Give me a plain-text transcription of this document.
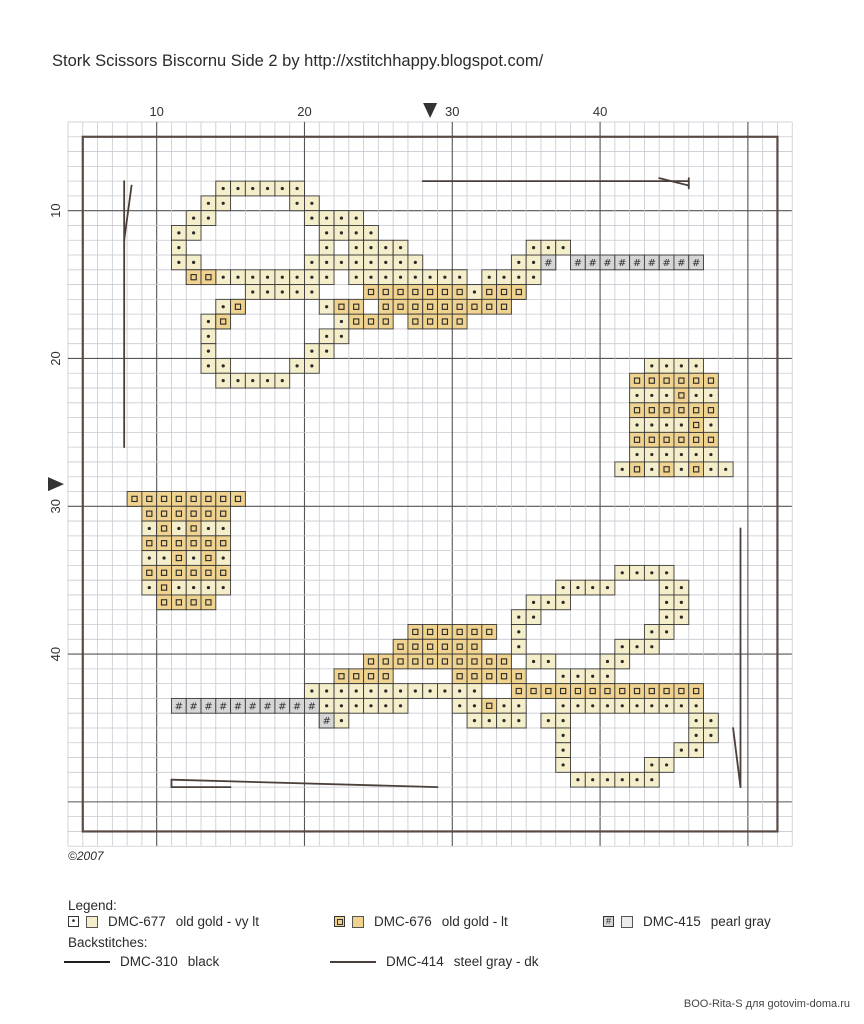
Stork Scissors Biscornu Side 2 by http://xstitchhappy.blogspot.com/
# # # # # # # # # #
#
# # # # # # # # # #
10	20	30	40
10
20
30
40
©2007
Legend:
• DMC-677 old gold - vy lt	DMC-676 old gold - lt	# DMC-415 pearl gray
Backstitches:
DMC-310 black	DMC-414 steel gray - dk
BOO-Rita-S для gotovim-doma.ru
